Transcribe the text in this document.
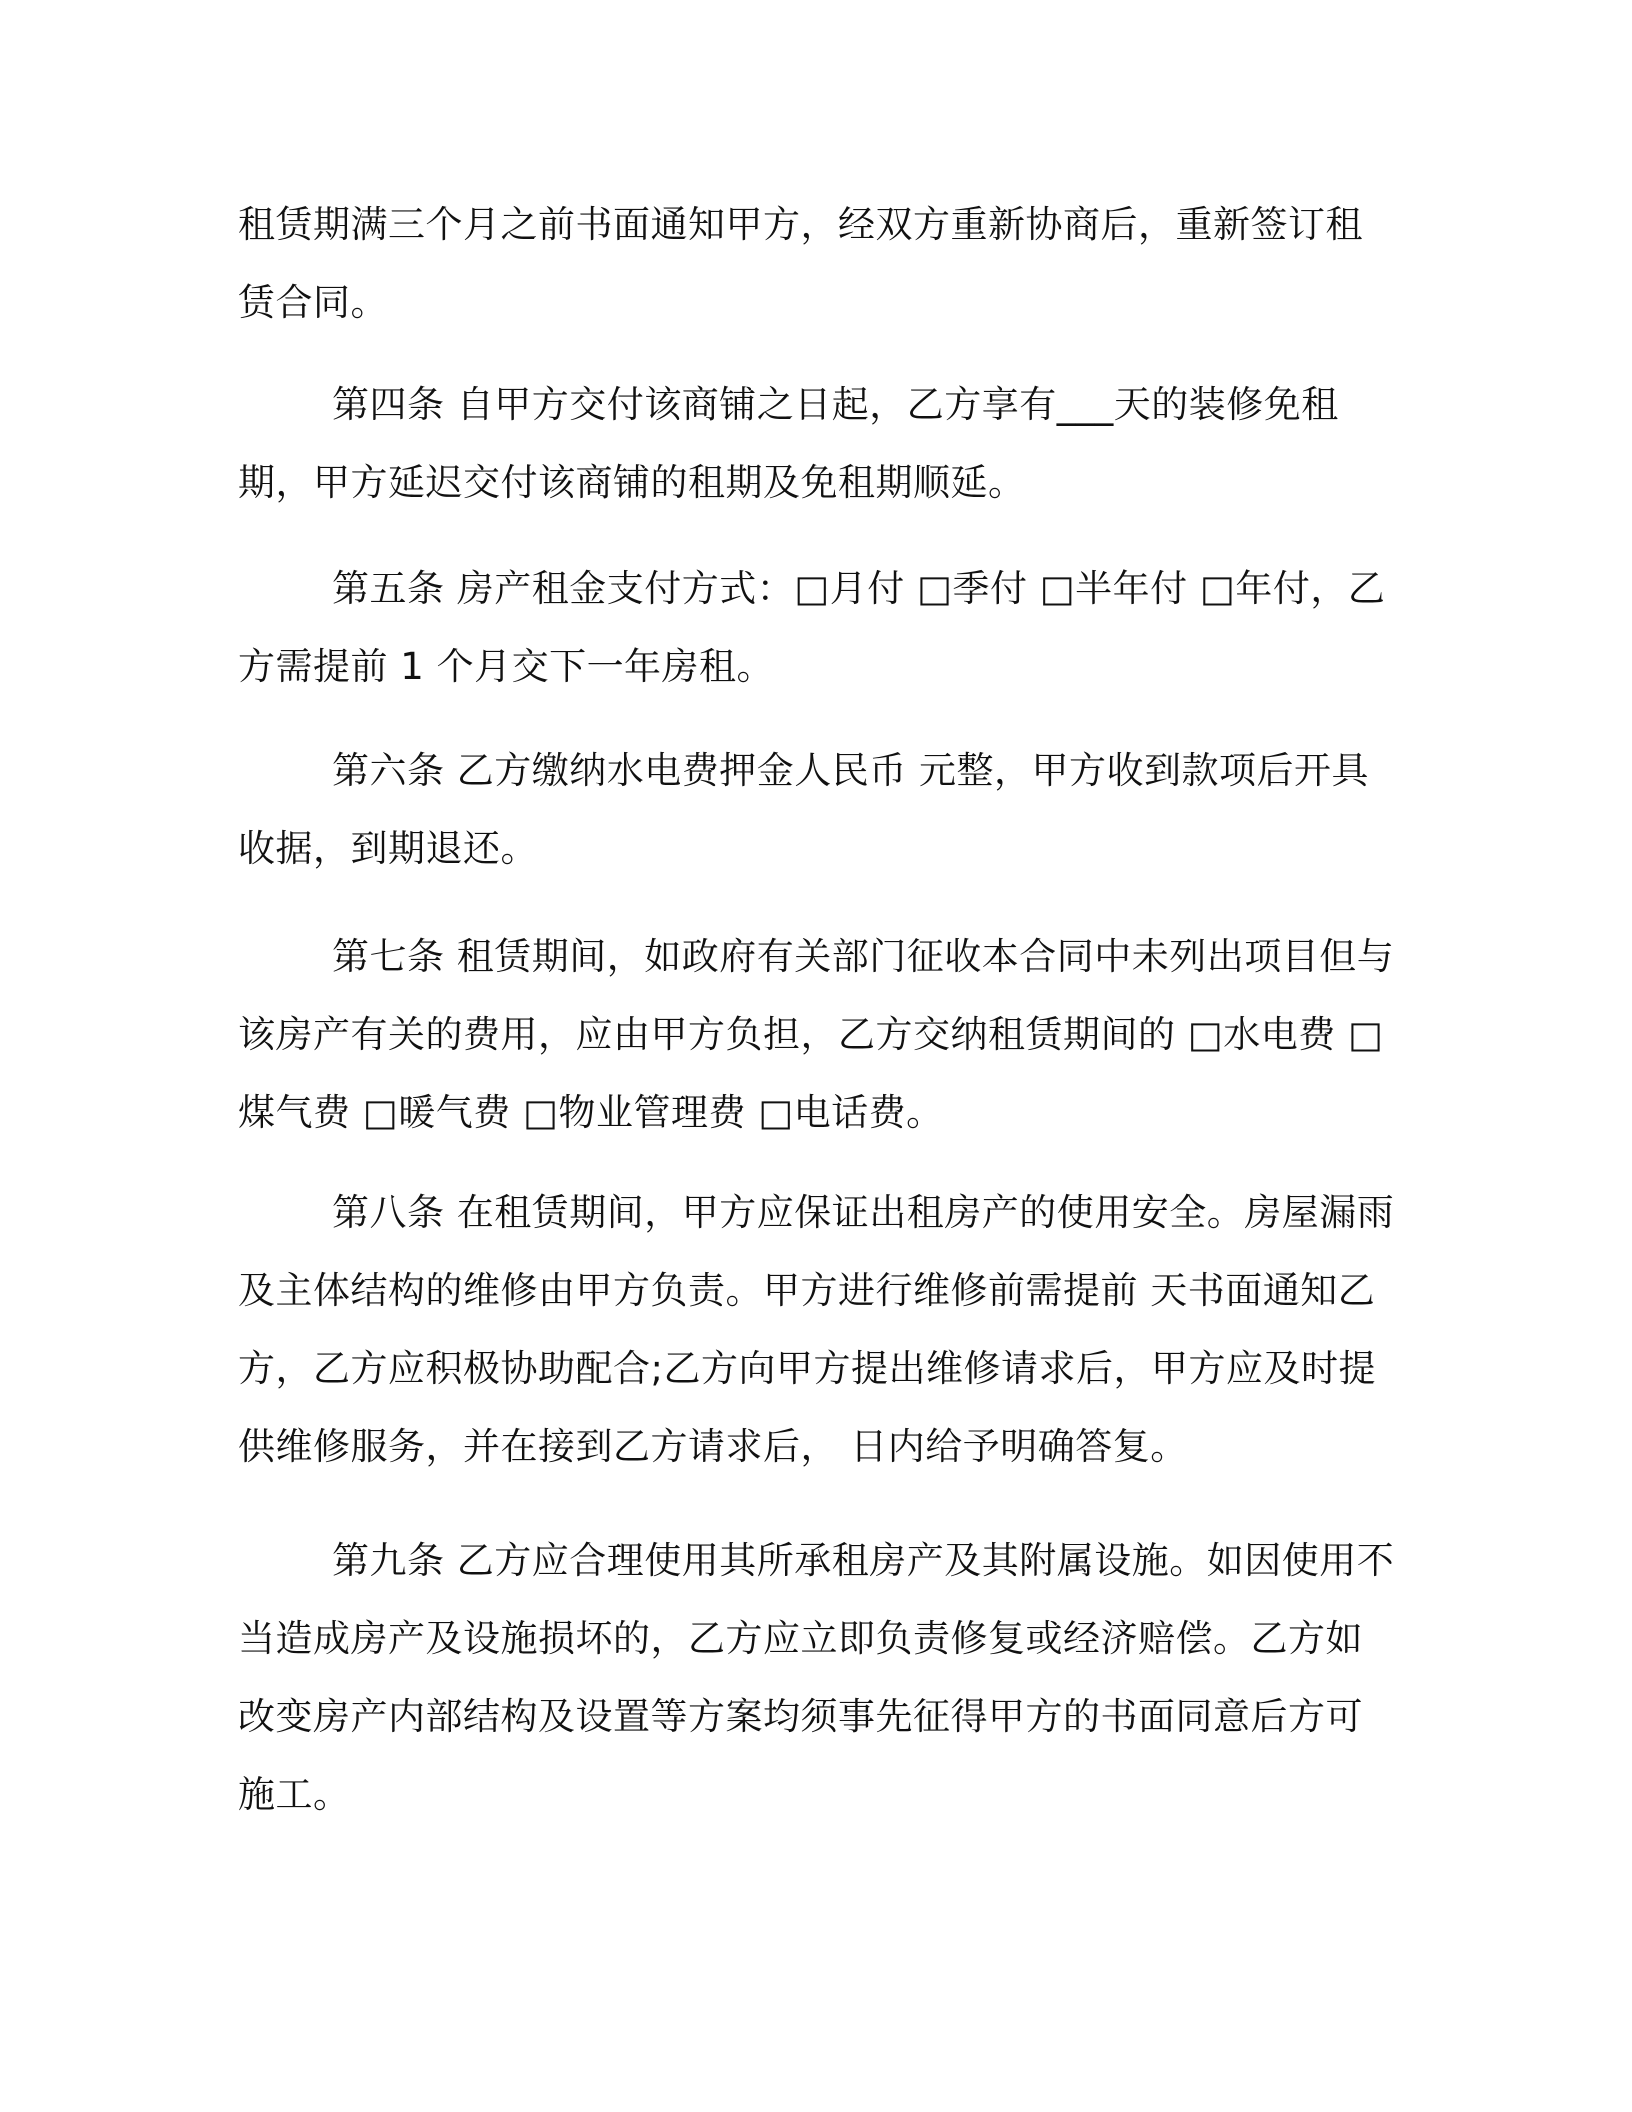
租赁期满三个月之前书面通知甲方，经双方重新协商后，重新签订租赁合同。

第四条 自甲方交付该商铺之日起，乙方享有___天的装修免租期，甲方延迟交付该商铺的租期及免租期顺延。

第五条 房产租金支付方式：□月付 □季付 □半年付 □年付，乙方需提前 1 个月交下一年房租。

第六条 乙方缴纳水电费押金人民币 元整，甲方收到款项后开具收据，到期退还。

第七条 租赁期间，如政府有关部门征收本合同中未列出项目但与该房产有关的费用，应由甲方负担，乙方交纳租赁期间的 □水电费 □煤气费 □暖气费 □物业管理费 □电话费。

第八条 在租赁期间，甲方应保证出租房产的使用安全。房屋漏雨及主体结构的维修由甲方负责。甲方进行维修前需提前 天书面通知乙方，乙方应积极协助配合;乙方向甲方提出维修请求后，甲方应及时提供维修服务，并在接到乙方请求后， 日内给予明确答复。

第九条 乙方应合理使用其所承租房产及其附属设施。如因使用不当造成房产及设施损坏的，乙方应立即负责修复或经济赔偿。乙方如改变房产内部结构及设置等方案均须事先征得甲方的书面同意后方可施工。
